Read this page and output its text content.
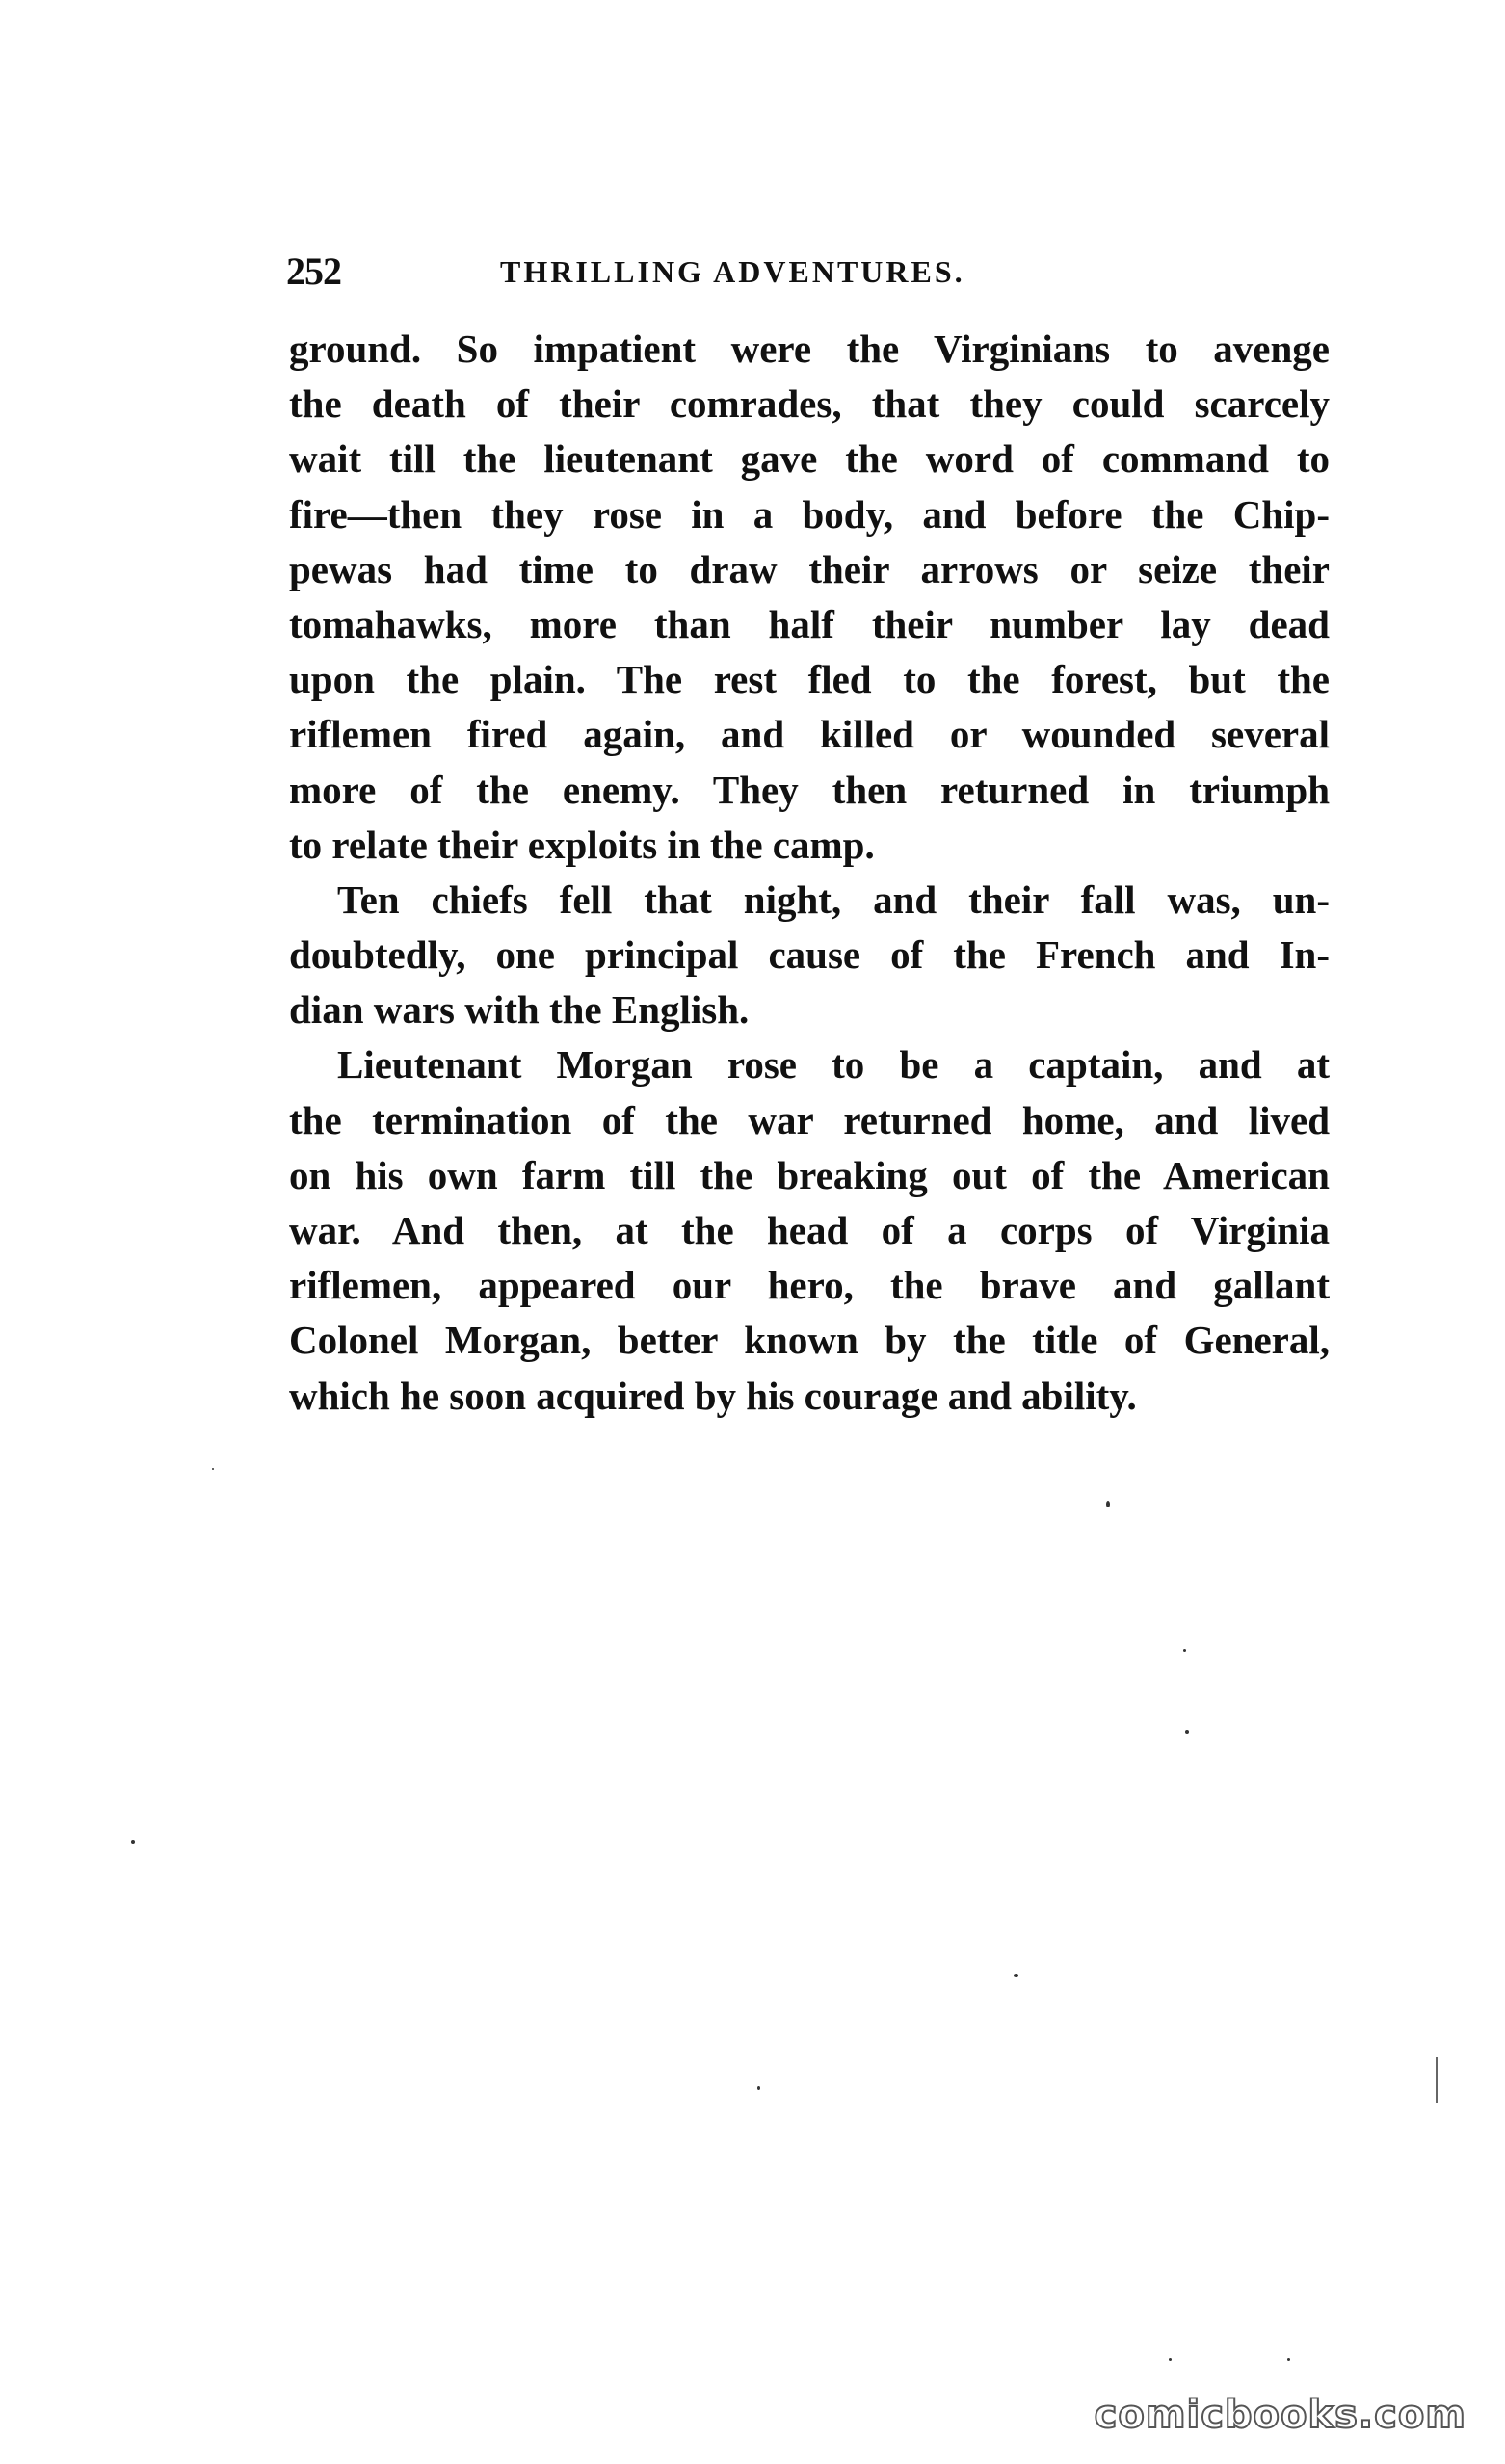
252	THRILLING ADVENTURES.
ground. So impatient were the Virginians to avenge
the death of their comrades, that they could scarcely
wait till the lieutenant gave the word of command to
fire—then they rose in a body, and before the Chip-
pewas had time to draw their arrows or seize their
tomahawks, more than half their number lay dead
upon the plain. The rest fled to the forest, but the
riflemen fired again, and killed or wounded several
more of the enemy. They then returned in triumph
to relate their exploits in the camp.
Ten chiefs fell that night, and their fall was, un-
doubtedly, one principal cause of the French and In-
dian wars with the English.
Lieutenant Morgan rose to be a captain, and at
the termination of the war returned home, and lived
on his own farm till the breaking out of the American
war. And then, at the head of a corps of Virginia
riflemen, appeared our hero, the brave and gallant
Colonel Morgan, better known by the title of General,
which he soon acquired by his courage and ability.
comicbooks.com
